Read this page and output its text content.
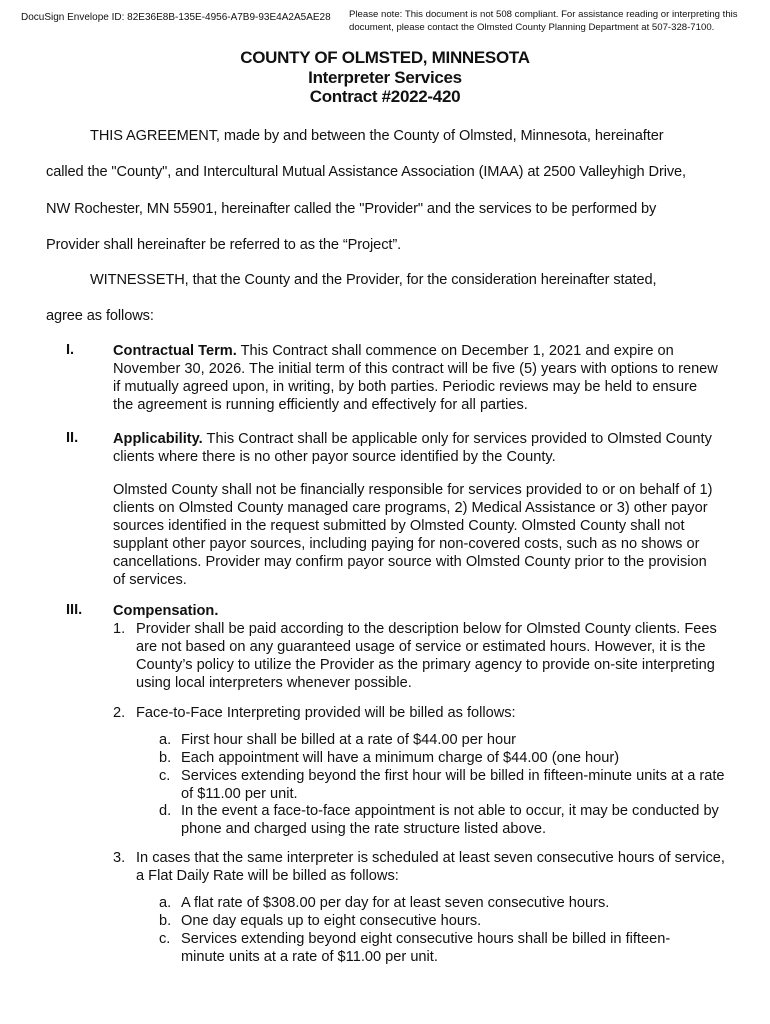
DocuSign Envelope ID: 82E36E8B-135E-4956-A7B9-93E4A2A5AE28 Please note: This document is not 508 compliant. For assistance reading or interpreting this document, please contact the Olmsted County Planning Department at 507-328-7100.
COUNTY OF OLMSTED, MINNESOTA
Interpreter Services
Contract #2022-420
THIS AGREEMENT, made by and between the County of Olmsted, Minnesota, hereinafter
called the "County", and Intercultural Mutual Assistance Association (IMAA) at 2500 Valleyhigh Drive,
NW Rochester, MN 55901, hereinafter called the "Provider" and the services to be performed by
Provider shall hereinafter be referred to as the “Project”.
WITNESSETH, that the County and the Provider, for the consideration hereinafter stated,
agree as follows:
I.	Contractual Term. This Contract shall commence on December 1, 2021 and expire on November 30, 2026. The initial term of this contract will be five (5) years with options to renew if mutually agreed upon, in writing, by both parties. Periodic reviews may be held to ensure the agreement is running efficiently and effectively for all parties.
II. Applicability. This Contract shall be applicable only for services provided to Olmsted County clients where there is no other payor source identified by the County.
Olmsted County shall not be financially responsible for services provided to or on behalf of 1) clients on Olmsted County managed care programs, 2) Medical Assistance or 3) other payor sources identified in the request submitted by Olmsted County. Olmsted County shall not supplant other payor sources, including paying for non-covered costs, such as no shows or cancellations. Provider may confirm payor source with Olmsted County prior to the provision of services.
III. Compensation.
1. Provider shall be paid according to the description below for Olmsted County clients. Fees are not based on any guaranteed usage of service or estimated hours. However, it is the County’s policy to utilize the Provider as the primary agency to provide on-site interpreting using local interpreters whenever possible.
2. Face-to-Face Interpreting provided will be billed as follows:
a. First hour shall be billed at a rate of $44.00 per hour
b. Each appointment will have a minimum charge of $44.00 (one hour)
c. Services extending beyond the first hour will be billed in fifteen-minute units at a rate of $11.00 per unit.
d. In the event a face-to-face appointment is not able to occur, it may be conducted by phone and charged using the rate structure listed above.
3. In cases that the same interpreter is scheduled at least seven consecutive hours of service, a Flat Daily Rate will be billed as follows:
a. A flat rate of $308.00 per day for at least seven consecutive hours.
b. One day equals up to eight consecutive hours.
c. Services extending beyond eight consecutive hours shall be billed in fifteen-minute units at a rate of $11.00 per unit.
